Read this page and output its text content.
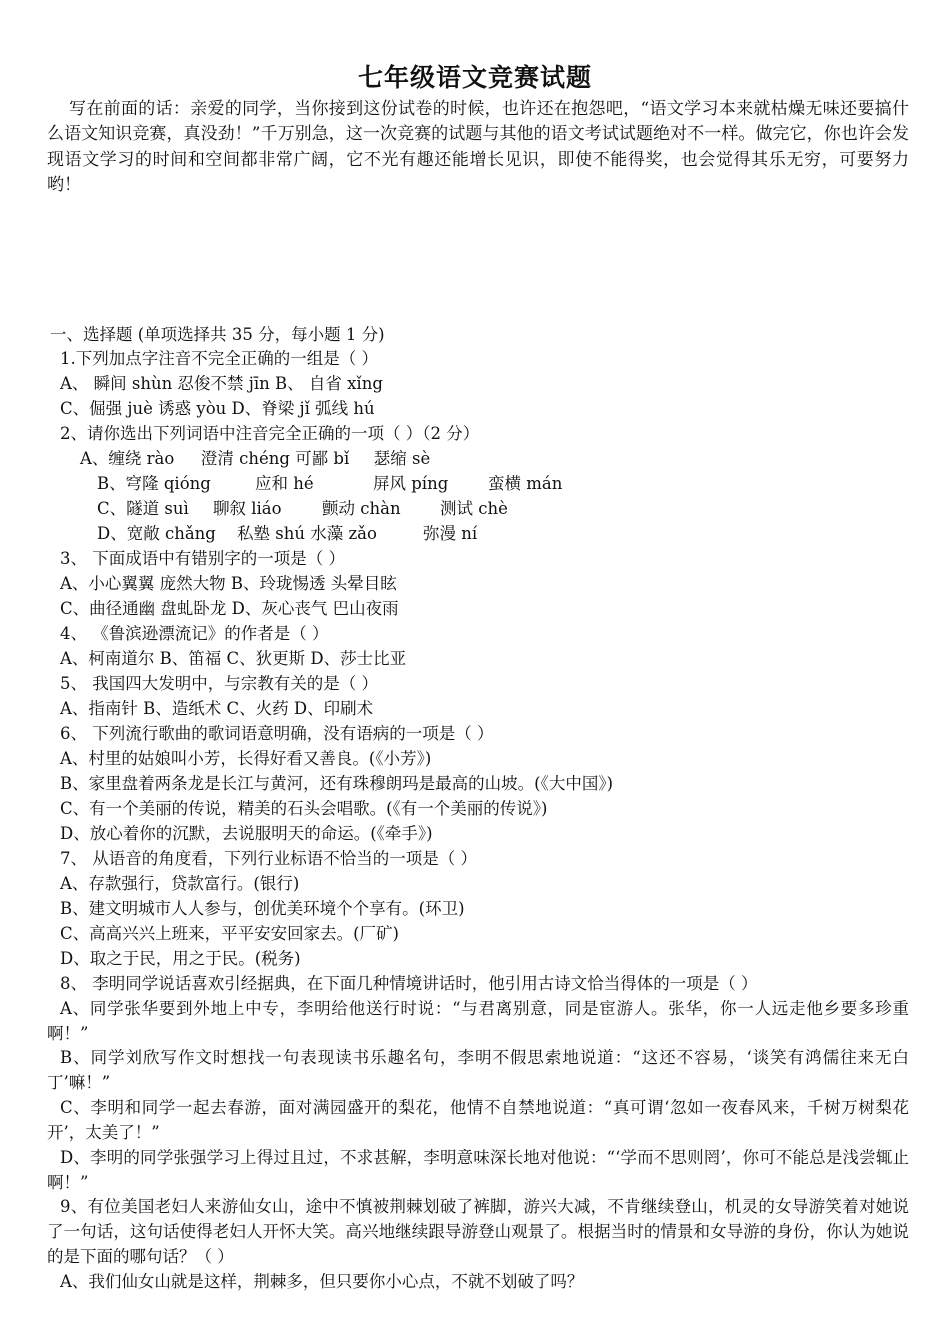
七年级语文竞赛试题
写在前面的话：亲爱的同学，当你接到这份试卷的时候，也许还在抱怨吧，“语文学习本来就枯燥无味还要搞什么语文知识竞赛，真没劲！”千万别急，这一次竞赛的试题与其他的语文考试试题绝对不一样。做完它，你也许会发现语文学习的时间和空间都非常广阔，它不光有趣还能增长见识，即使不能得奖，也会觉得其乐无穷，可要努力哟！
一、选择题 (单项选择共 35 分，每小题 1 分)
1.下列加点字注音不完全正确的一组是（ ）
A、 瞬间 shùn 忍俊不禁 jīn B、 自省 xǐng
C、倔强 juè 诱惑 yòu D、脊梁 jǐ 弧线 hú
2、请你选出下列词语中注音完全正确的一项（ ）（2 分）
A、缠绕 rào 澄清 chéng 可鄙 bǐ 瑟缩 sè
B、穹隆 qióng	应和 hé	屏风 píng 蛮横 mán
C、隧道 suì 聊叙 liáo 颤动 chàn 测试 chè
D、宽敞 chǎng 私塾 shú 水藻 zǎo	弥漫 ní
3、 下面成语中有错别字的一项是（ ）
A、小心翼翼 庞然大物 B、玲珑惕透 头晕目眩
C、曲径通幽 盘虬卧龙 D、灰心丧气 巴山夜雨
4、 《鲁滨逊漂流记》的作者是（ ）
A、柯南道尔 B、笛福 C、狄更斯 D、莎士比亚
5、 我国四大发明中，与宗教有关的是（ ）
A、指南针 B、造纸术 C、火药 D、印刷术
6、 下列流行歌曲的歌词语意明确，没有语病的一项是（ ）
A、村里的姑娘叫小芳，长得好看又善良。(《小芳》)
B、家里盘着两条龙是长江与黄河，还有珠穆朗玛是最高的山坡。(《大中国》)
C、有一个美丽的传说，精美的石头会唱歌。(《有一个美丽的传说》)
D、放心着你的沉默，去说服明天的命运。(《牵手》)
7、 从语音的角度看，下列行业标语不恰当的一项是（ ）
A、存款强行，贷款富行。(银行)
B、建文明城市人人参与，创优美环境个个享有。(环卫)
C、高高兴兴上班来，平平安安回家去。(厂矿)
D、取之于民，用之于民。(税务)
8、 李明同学说话喜欢引经据典，在下面几种情境讲话时，他引用古诗文恰当得体的一项是（ ）
A、同学张华要到外地上中专，李明给他送行时说：“与君离别意，同是宦游人。张华，你一人远走他乡要多珍重啊！”
B、同学刘欣写作文时想找一句表现读书乐趣名句，李明不假思索地说道：“这还不容易，‘谈笑有鸿儒往来无白丁’嘛！”
C、李明和同学一起去春游，面对满园盛开的梨花，他情不自禁地说道：“真可谓‘忽如一夜春风来，千树万树梨花开’，太美了！”
D、李明的同学张强学习上得过且过，不求甚解，李明意味深长地对他说：“‘学而不思则罔’，你可不能总是浅尝辄止啊！”
9、有位美国老妇人来游仙女山，途中不慎被荆棘划破了裤脚，游兴大减，不肯继续登山，机灵的女导游笑着对她说了一句话，这句话使得老妇人开怀大笑。高兴地继续跟导游登山观景了。根据当时的情景和女导游的身份，你认为她说的是下面的哪句话？（ ）
A、我们仙女山就是这样，荆棘多，但只要你小心点，不就不划破了吗？
